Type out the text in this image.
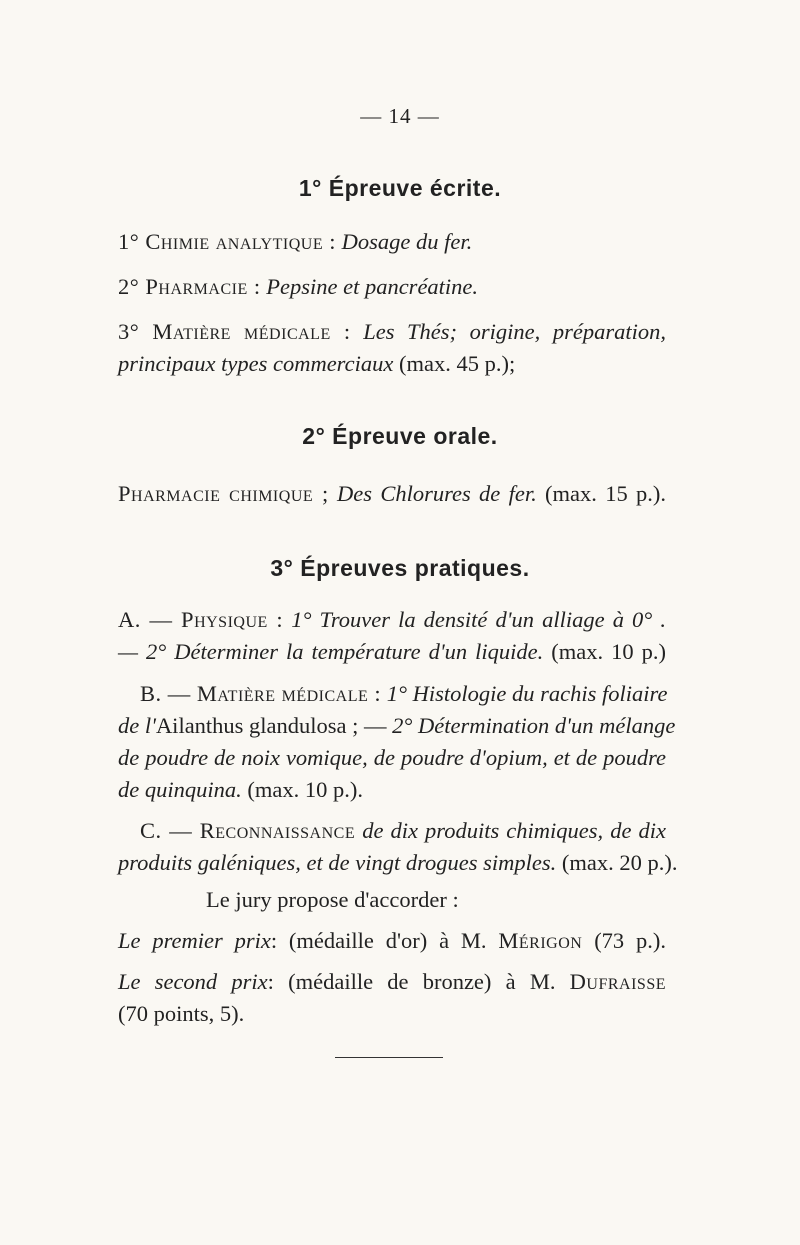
— 14 —
1° Épreuve écrite.
1° Chimie analytique : Dosage du fer.
2° Pharmacie : Pepsine et pancréatine.
3° Matière médicale : Les Thés; origine, préparation,
principaux types commerciaux (max. 45 p.);
2° Épreuve orale.
Pharmacie chimique ; Des Chlorures de fer. (max. 15 p.).
3° Épreuves pratiques.
A. — Physique : 1° Trouver la densité d'un alliage à 0° .
— 2° Déterminer la température d'un liquide. (max. 10 p.)
B. — Matière médicale : 1° Histologie du rachis foliaire
de l'Ailanthus glandulosa ; — 2° Détermination d'un mélange
de poudre de noix vomique, de poudre d'opium, et de poudre
de quinquina. (max. 10 p.).
C. — Reconnaissance de dix produits chimiques, de dix
produits galéniques, et de vingt drogues simples. (max. 20 p.).
Le jury propose d'accorder :
Le premier prix: (médaille d'or) à M. Mérigon (73 p.).
Le second prix: (médaille de bronze) à M. Dufraisse
(70 points, 5).
